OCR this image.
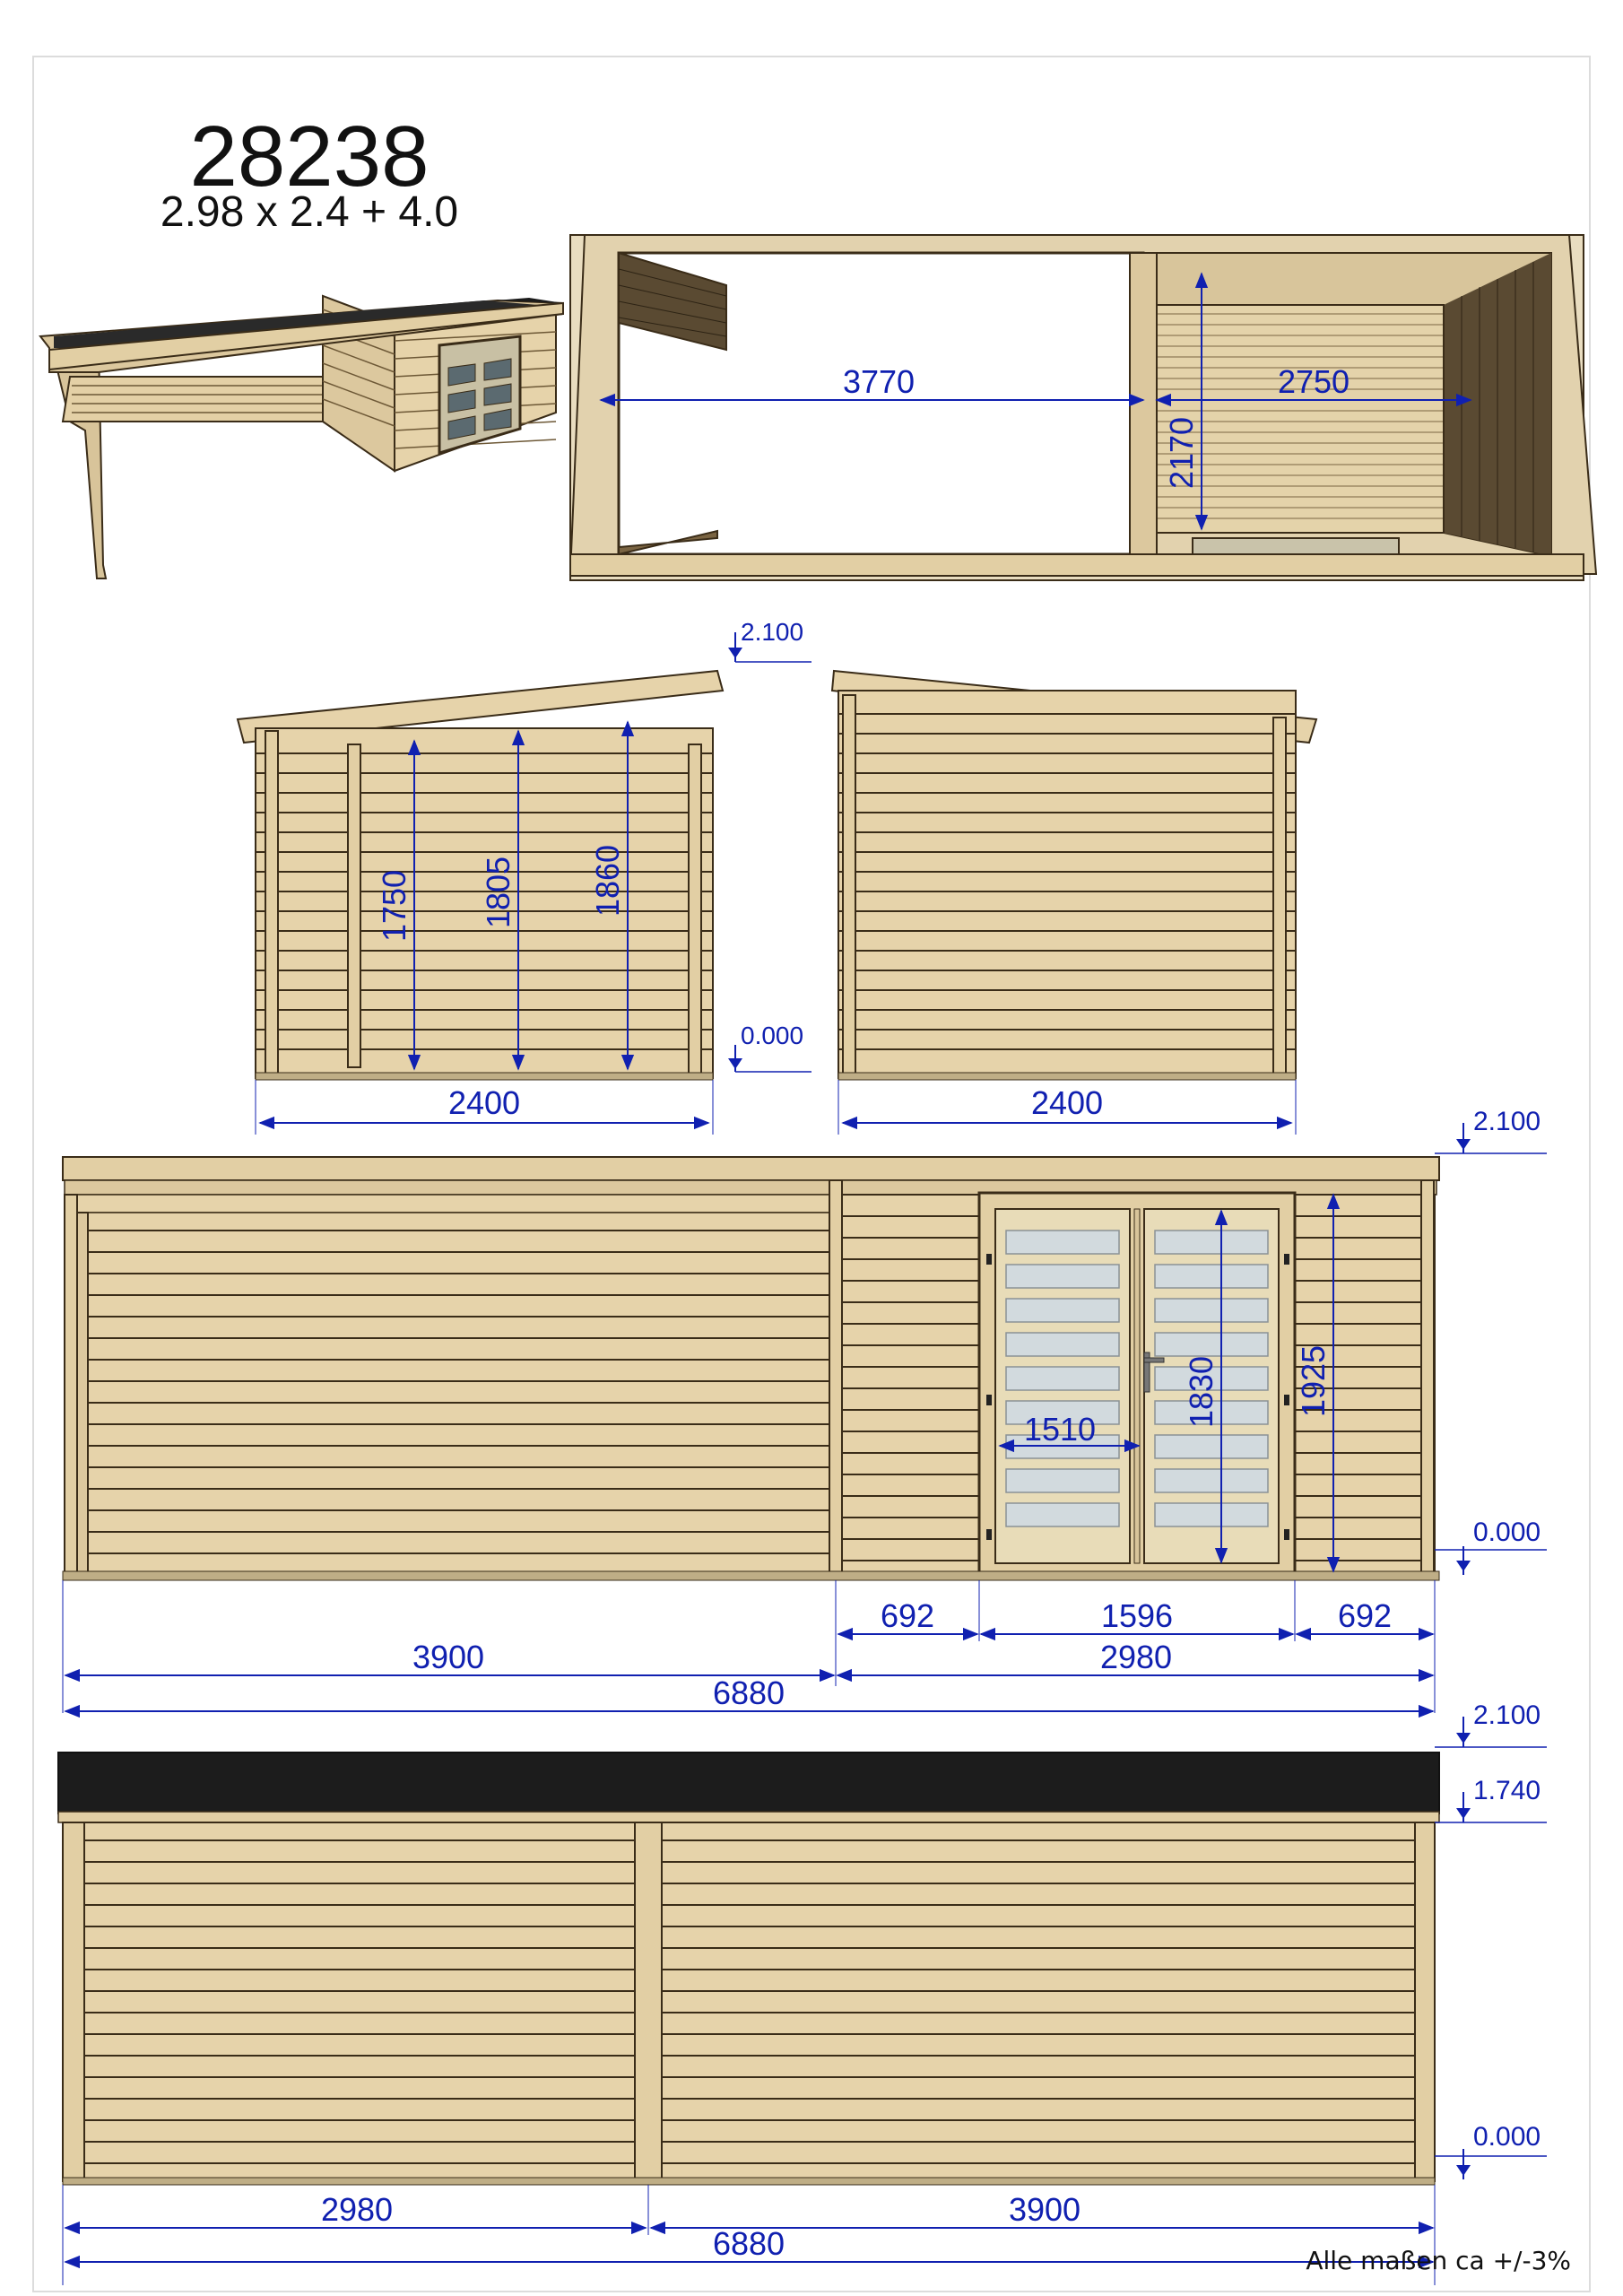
28238
2.98 x 2.4 + 4.0
3770	2750
2170
1750 1805 1860
2400
2.100
0.000
2400
1510
1830 1925
2.100
0.000
692	1596	692
3900	2980
6880
2.100
1.740
0.000
2980	3900
6880	Alle maßen ca +/-3%
